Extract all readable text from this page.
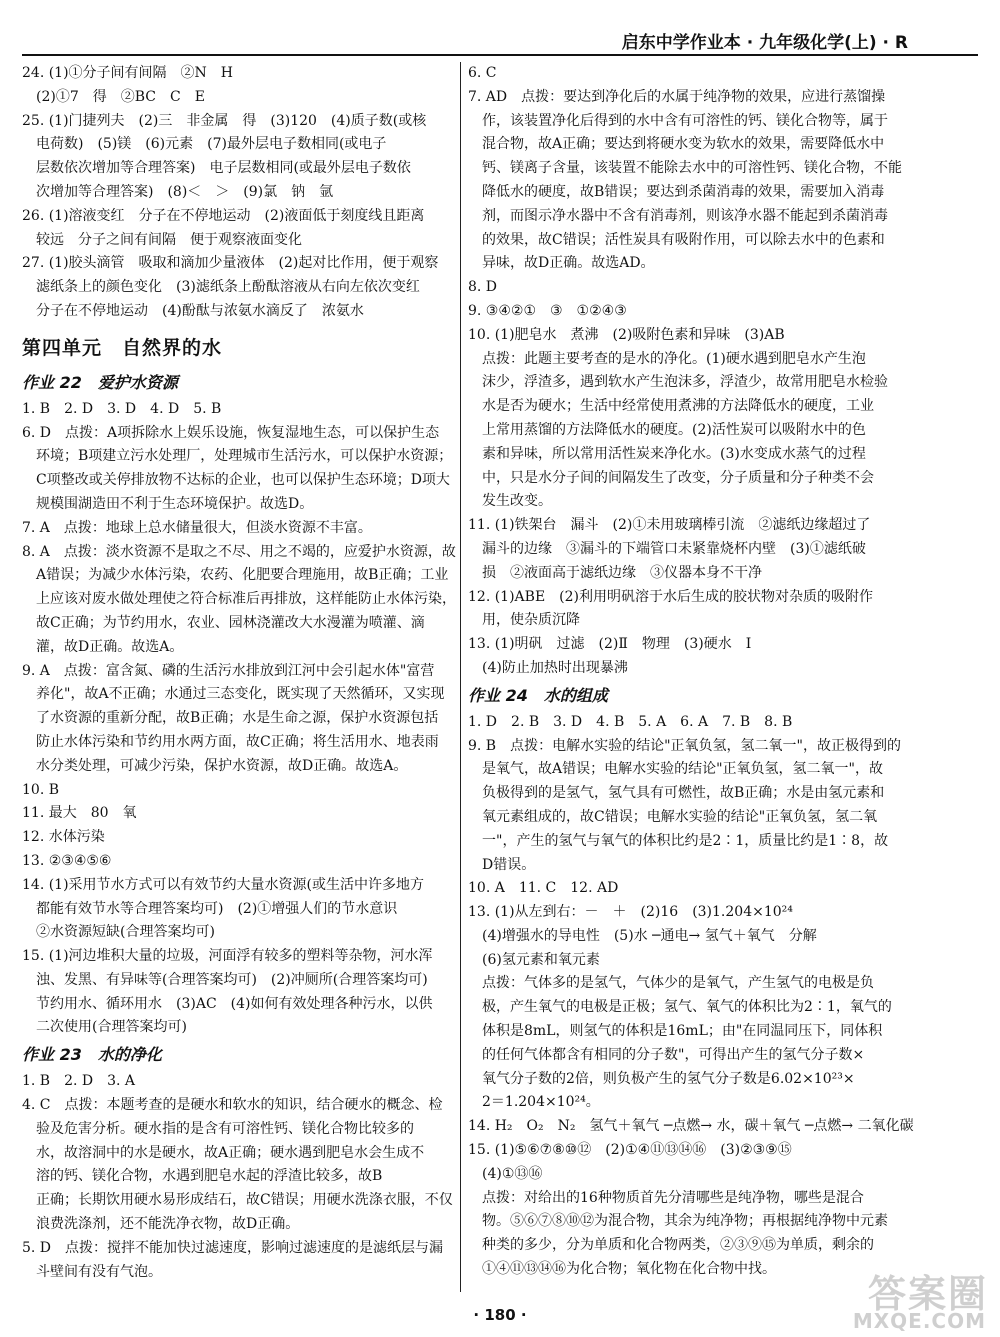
启东中学作业本 · 九年级化学(上) · R
24. (1)①分子间有间隔　②N　H
(2)①7　得　②BC　C　E
25. (1)门捷列夫　(2)三　非金属　得　(3)120　(4)质子数(或核
电荷数)　(5)镁　(6)元素　(7)最外层电子数相同(或电子
层数依次增加等合理答案)　电子层数相同(或最外层电子数依
次增加等合理答案)　(8)＜　＞　(9)氯　钠　氩
26. (1)溶液变红　分子在不停地运动　(2)液面低于刻度线且距离
较远　分子之间有间隔　便于观察液面变化
27. (1)胶头滴管　吸取和滴加少量液体　(2)起对比作用，便于观察
滤纸条上的颜色变化　(3)滤纸条上酚酞溶液从右向左依次变红
分子在不停地运动　(4)酚酞与浓氨水滴反了　浓氨水
第四单元　自然界的水
作业 22　爱护水资源
1. B　2. D　3. D　4. D　5. B
6. D　点拨：A项拆除水上娱乐设施，恢复湿地生态，可以保护生态
环境；B项建立污水处理厂，处理城市生活污水，可以保护水资源；
C项整改或关停排放物不达标的企业，也可以保护生态环境；D项大
规模围湖造田不利于生态环境保护。故选D。
7. A　点拨：地球上总水储量很大，但淡水资源不丰富。
8. A　点拨：淡水资源不是取之不尽、用之不竭的，应爱护水资源，故
A错误；为减少水体污染，农药、化肥要合理施用，故B正确；工业
上应该对废水做处理使之符合标准后再排放，这样能防止水体污染，
故C正确；为节约用水，农业、园林浇灌改大水漫灌为喷灌、滴
灌，故D正确。故选A。
9. A　点拨：富含氮、磷的生活污水排放到江河中会引起水体"富营
养化"，故A不正确；水通过三态变化，既实现了天然循环，又实现
了水资源的重新分配，故B正确；水是生命之源，保护水资源包括
防止水体污染和节约用水两方面，故C正确；将生活用水、地表雨
水分类处理，可减少污染，保护水资源，故D正确。故选A。
10. B
11. 最大　80　氧
12. 水体污染
13. ②③④⑤⑥
14. (1)采用节水方式可以有效节约大量水资源(或生活中许多地方
都能有效节水等合理答案均可)　(2)①增强人们的节水意识
②水资源短缺(合理答案均可)
15. (1)河边堆积大量的垃圾，河面浮有较多的塑料等杂物，河水浑
浊、发黑、有异味等(合理答案均可)　(2)冲厕所(合理答案均可)
节约用水、循环用水　(3)AC　(4)如何有效处理各种污水，以供
二次使用(合理答案均可)
作业 23　水的净化
1. B　2. D　3. A
4. C　点拨：本题考查的是硬水和软水的知识，结合硬水的概念、检
验及危害分析。硬水指的是含有可溶性钙、镁化合物比较多的
水，故溶洞中的水是硬水，故A正确；硬水遇到肥皂水会生成不
溶的钙、镁化合物，水遇到肥皂水起的浮渣比较多，故B
正确；长期饮用硬水易形成结石，故C错误；用硬水洗涤衣服，不仅
浪费洗涤剂，还不能洗净衣物，故D正确。
5. D　点拨：搅拌不能加快过滤速度，影响过滤速度的是滤纸层与漏
斗壁间有没有气泡。
6. C
7. AD　点拨：要达到净化后的水属于纯净物的效果，应进行蒸馏操
作，该装置净化后得到的水中含有可溶性的钙、镁化合物等，属于
混合物，故A正确；要达到将硬水变为软水的效果，需要降低水中
钙、镁离子含量，该装置不能除去水中的可溶性钙、镁化合物，不能
降低水的硬度，故B错误；要达到杀菌消毒的效果，需要加入消毒
剂，而图示净水器中不含有消毒剂，则该净水器不能起到杀菌消毒
的效果，故C错误；活性炭具有吸附作用，可以除去水中的色素和
异味，故D正确。故选AD。
8. D
9. ③④②①　③　①②④③
10. (1)肥皂水　煮沸　(2)吸附色素和异味　(3)AB
点拨：此题主要考查的是水的净化。(1)硬水遇到肥皂水产生泡
沫少，浮渣多，遇到软水产生泡沫多，浮渣少，故常用肥皂水检验
水是否为硬水；生活中经常使用煮沸的方法降低水的硬度，工业
上常用蒸馏的方法降低水的硬度。(2)活性炭可以吸附水中的色
素和异味，所以常用活性炭来净化水。(3)水变成水蒸气的过程
中，只是水分子间的间隔发生了改变，分子质量和分子种类不会
发生改变。
11. (1)铁架台　漏斗　(2)①未用玻璃棒引流　②滤纸边缘超过了
漏斗的边缘　③漏斗的下端管口未紧靠烧杯内壁　(3)①滤纸破
损　②液面高于滤纸边缘　③仪器本身不干净
12. (1)ABE　(2)利用明矾溶于水后生成的胶状物对杂质的吸附作
用，使杂质沉降
13. (1)明矾　过滤　(2)Ⅱ　物理　(3)硬水　Ⅰ
(4)防止加热时出现暴沸
作业 24　水的组成
1. D　2. B　3. D　4. B　5. A　6. A　7. B　8. B
9. B　点拨：电解水实验的结论"正氧负氢，氢二氧一"，故正极得到的
是氧气，故A错误；电解水实验的结论"正氧负氢，氢二氧一"，故
负极得到的是氢气，氢气具有可燃性，故B正确；水是由氢元素和
氧元素组成的，故C错误；电解水实验的结论"正氧负氢，氢二氧
一"，产生的氢气与氧气的体积比约是2∶1，质量比约是1∶8，故
D错误。
10. A　11. C　12. AD
13. (1)从左到右：－　＋　(2)16　(3)1.204×10²⁴
(4)增强水的导电性　(5)水 ─通电→ 氢气＋氧气　分解
(6)氢元素和氧元素
点拨：气体多的是氢气，气体少的是氧气，产生氢气的电极是负
极，产生氧气的电极是正极；氢气、氧气的体积比为2∶1，氧气的
体积是8mL，则氢气的体积是16mL；由"在同温同压下，同体积
的任何气体都含有相同的分子数"，可得出产生的氢气分子数×
氧气分子数的2倍，则负极产生的氢气分子数是6.02×10²³×
2＝1.204×10²⁴。
14. H₂　O₂　N₂　氢气＋氧气 ─点燃→ 水，碳＋氧气 ─点燃→ 二氧化碳
15. (1)⑤⑥⑦⑧⑩⑫　(2)①④⑪⑬⑭⑯　(3)②③⑨⑮
(4)①⑬⑯
点拨：对给出的16种物质首先分清哪些是纯净物，哪些是混合
物。⑤⑥⑦⑧⑩⑫为混合物，其余为纯净物；再根据纯净物中元素
种类的多少，分为单质和化合物两类，②③⑨⑮为单质，剩余的
①④⑪⑬⑭⑯为化合物；氧化物在化合物中找。
· 180 ·	答案圈
MXQE.COM
